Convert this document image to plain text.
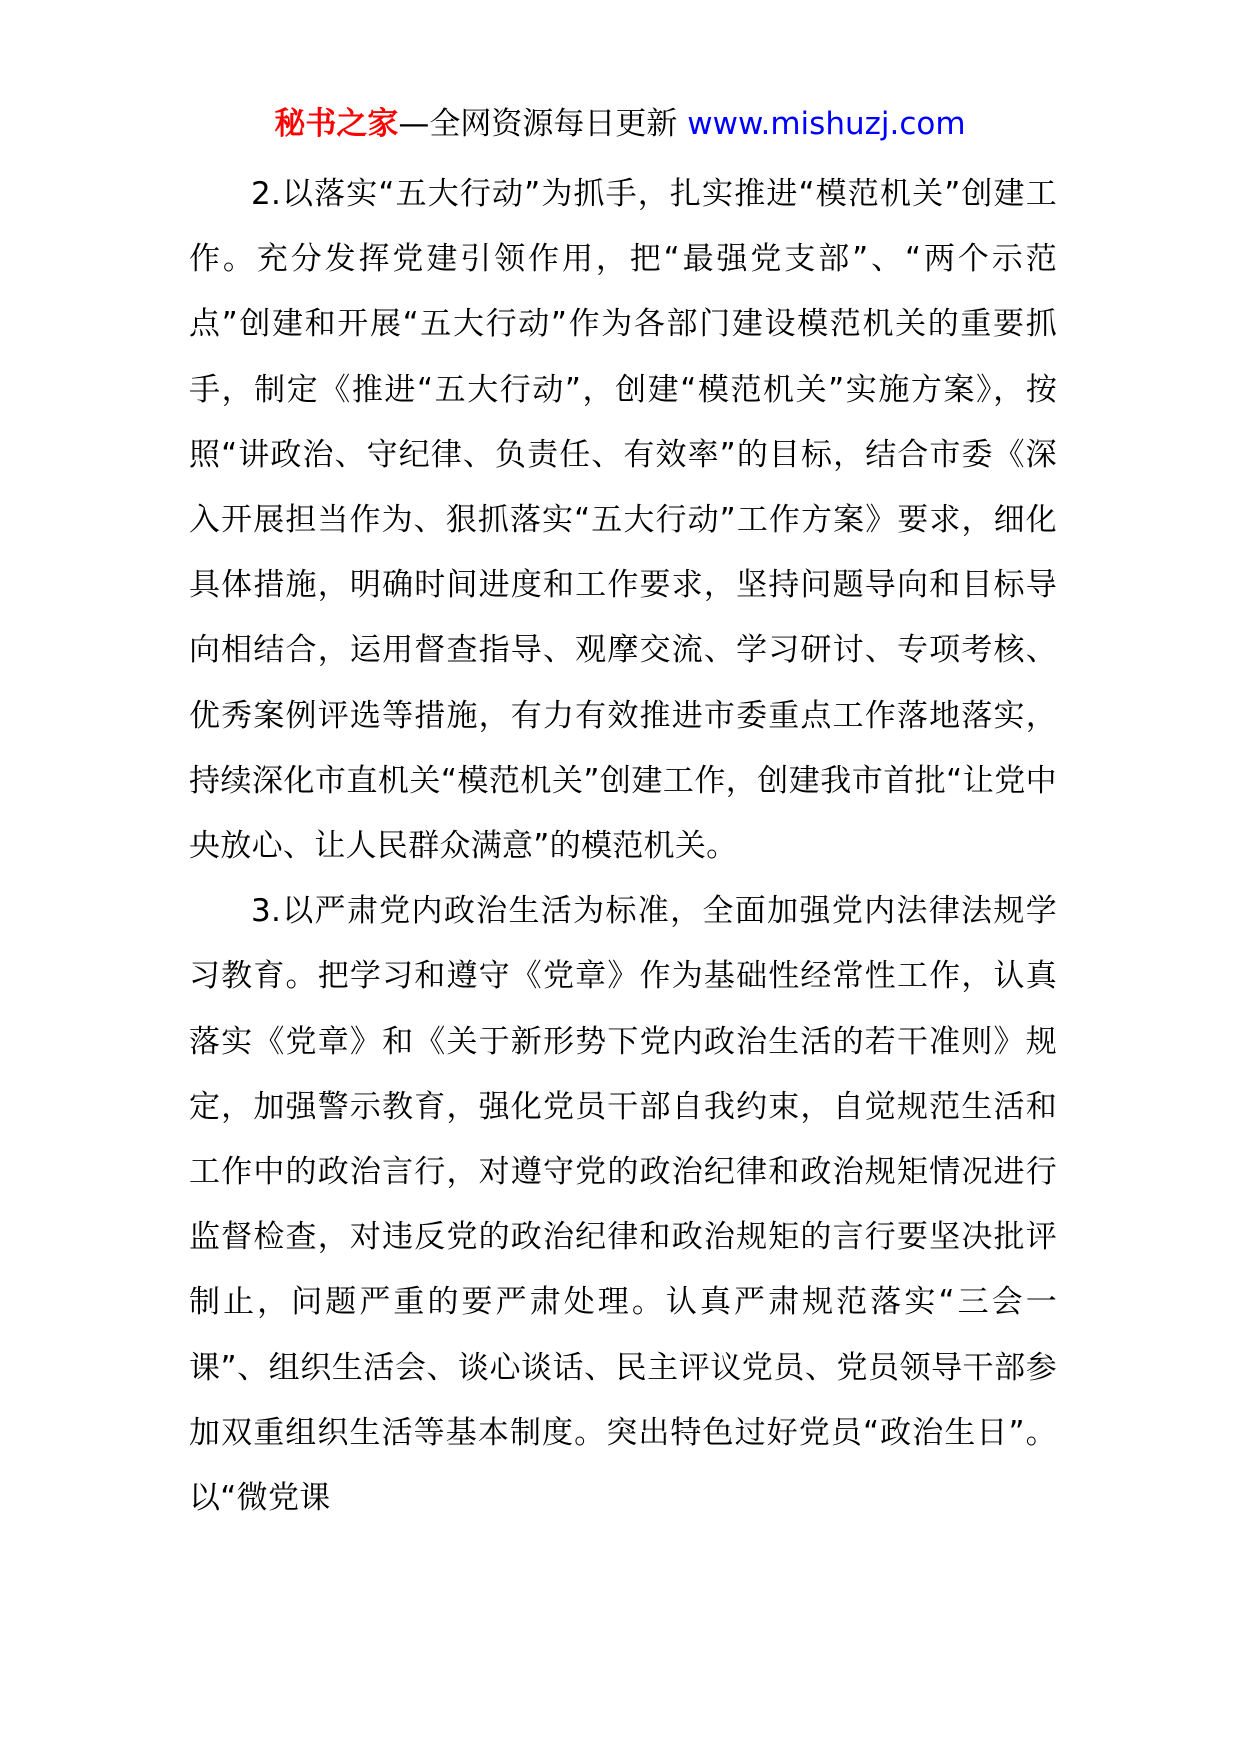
秘书之家—全网资源每日更新 www.mishuzj.com

2.以落实“五大行动”为抓手，扎实推进“模范机关”创建工作。充分发挥党建引领作用，把“最强党支部”、“两个示范点”创建和开展“五大行动”作为各部门建设模范机关的重要抓手，制定《推进“五大行动”，创建“模范机关”实施方案》，按照“讲政治、守纪律、负责任、有效率”的目标，结合市委《深入开展担当作为、狠抓落实“五大行动”工作方案》要求，细化具体措施，明确时间进度和工作要求，坚持问题导向和目标导向相结合，运用督查指导、观摩交流、学习研讨、专项考核、优秀案例评选等措施，有力有效推进市委重点工作落地落实，持续深化市直机关“模范机关”创建工作，创建我市首批“让党中央放心、让人民群众满意”的模范机关。

3.以严肃党内政治生活为标准，全面加强党内法律法规学习教育。把学习和遵守《党章》作为基础性经常性工作，认真落实《党章》和《关于新形势下党内政治生活的若干准则》规定，加强警示教育，强化党员干部自我约束，自觉规范生活和工作中的政治言行，对遵守党的政治纪律和政治规矩情况进行监督检查，对违反党的政治纪律和政治规矩的言行要坚决批评制止，问题严重的要严肃处理。认真严肃规范落实“三会一课”、组织生活会、谈心谈话、民主评议党员、党员领导干部参加双重组织生活等基本制度。突出特色过好党员“政治生日”。以“微党课
